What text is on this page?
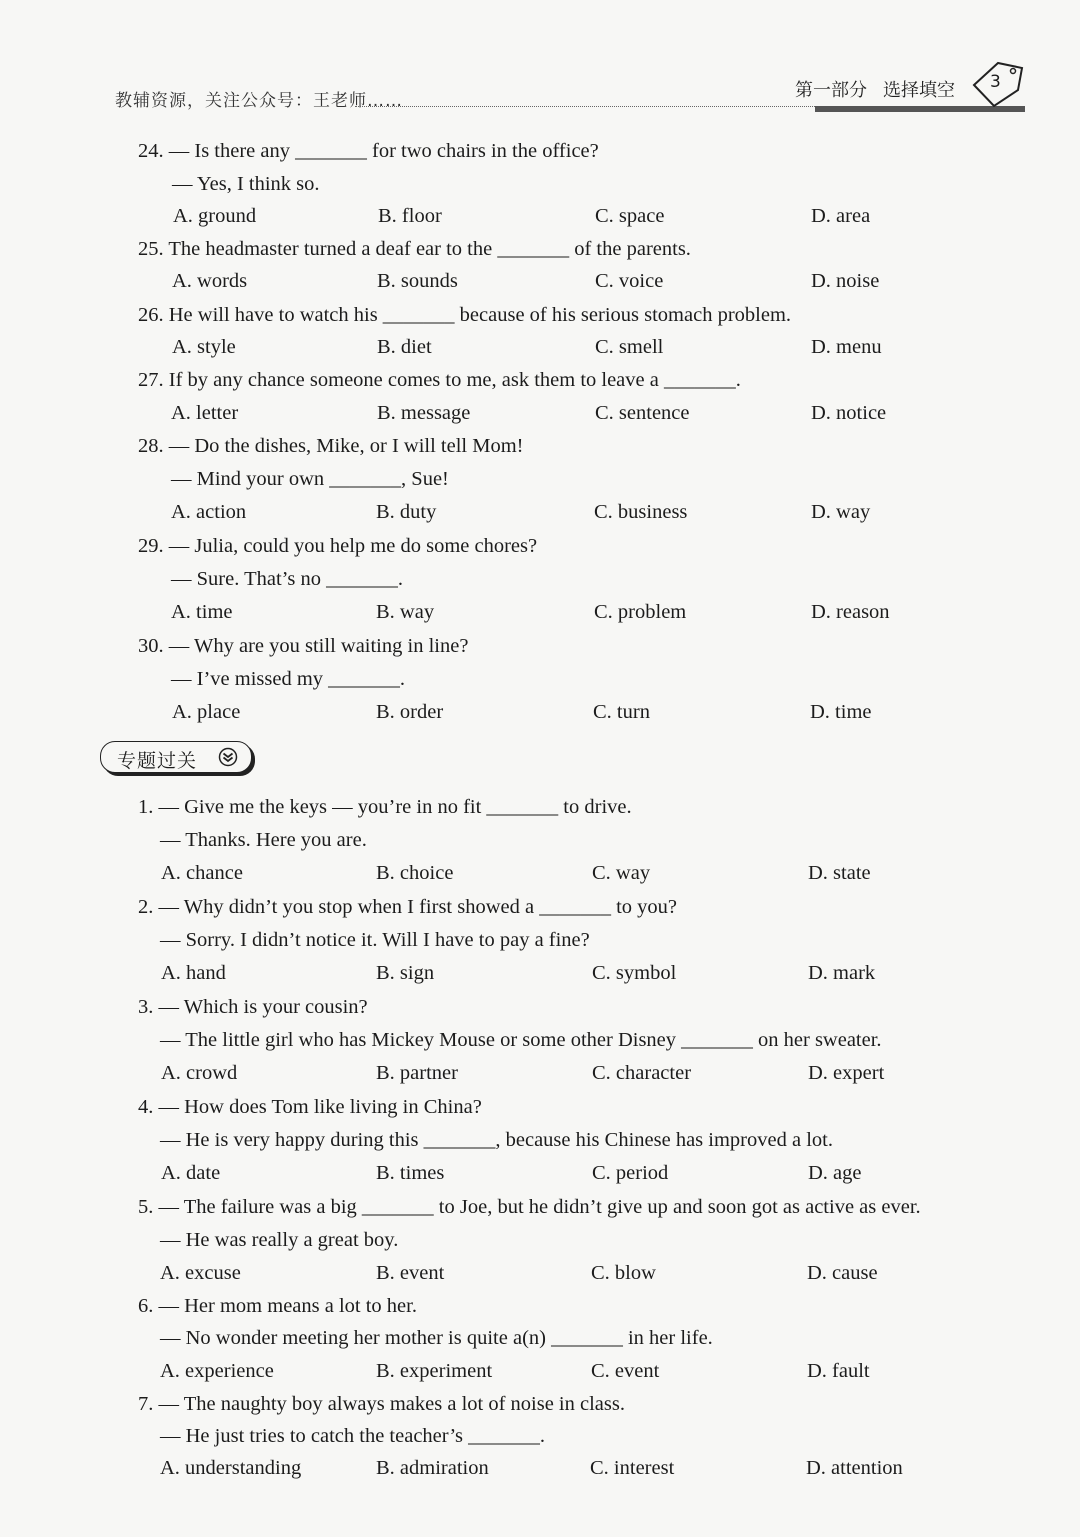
教辅资源，关注公众号：王老师……	第一部分 选择填空 3
24. — Is there any _______ for two chairs in the office?
— Yes, I think so.
A. ground	B. floor	C. space	D. area
25. The headmaster turned a deaf ear to the _______ of the parents.
A. words	B. sounds	C. voice	D. noise
26. He will have to watch his _______ because of his serious stomach problem.
A. style	B. diet	C. smell	D. menu
27. If by any chance someone comes to me, ask them to leave a _______.
A. letter	B. message	C. sentence	D. notice
28. — Do the dishes, Mike, or I will tell Mom!
— Mind your own _______, Sue!
A. action	B. duty	C. business	D. way
29. — Julia, could you help me do some chores?
— Sure. That’s no _______.
A. time	B. way	C. problem	D. reason
30. — Why are you still waiting in line?
— I’ve missed my _______.
A. place	B. order	C. turn	D. time
专题过关
1. — Give me the keys — you’re in no fit _______ to drive.
— Thanks. Here you are.
A. chance	B. choice	C. way	D. state
2. — Why didn’t you stop when I first showed a _______ to you?
— Sorry. I didn’t notice it. Will I have to pay a fine?
A. hand	B. sign	C. symbol	D. mark
3. — Which is your cousin?
— The little girl who has Mickey Mouse or some other Disney _______ on her sweater.
A. crowd	B. partner	C. character	D. expert
4. — How does Tom like living in China?
— He is very happy during this _______, because his Chinese has improved a lot.
A. date	B. times	C. period	D. age
5. — The failure was a big _______ to Joe, but he didn’t give up and soon got as active as ever.
— He was really a great boy.
A. excuse	B. event	C. blow	D. cause
6. — Her mom means a lot to her.
— No wonder meeting her mother is quite a(n) _______ in her life.
A. experience	B. experiment	C. event	D. fault
7. — The naughty boy always makes a lot of noise in class.
— He just tries to catch the teacher’s _______.
A. understanding	B. admiration	C. interest	D. attention
